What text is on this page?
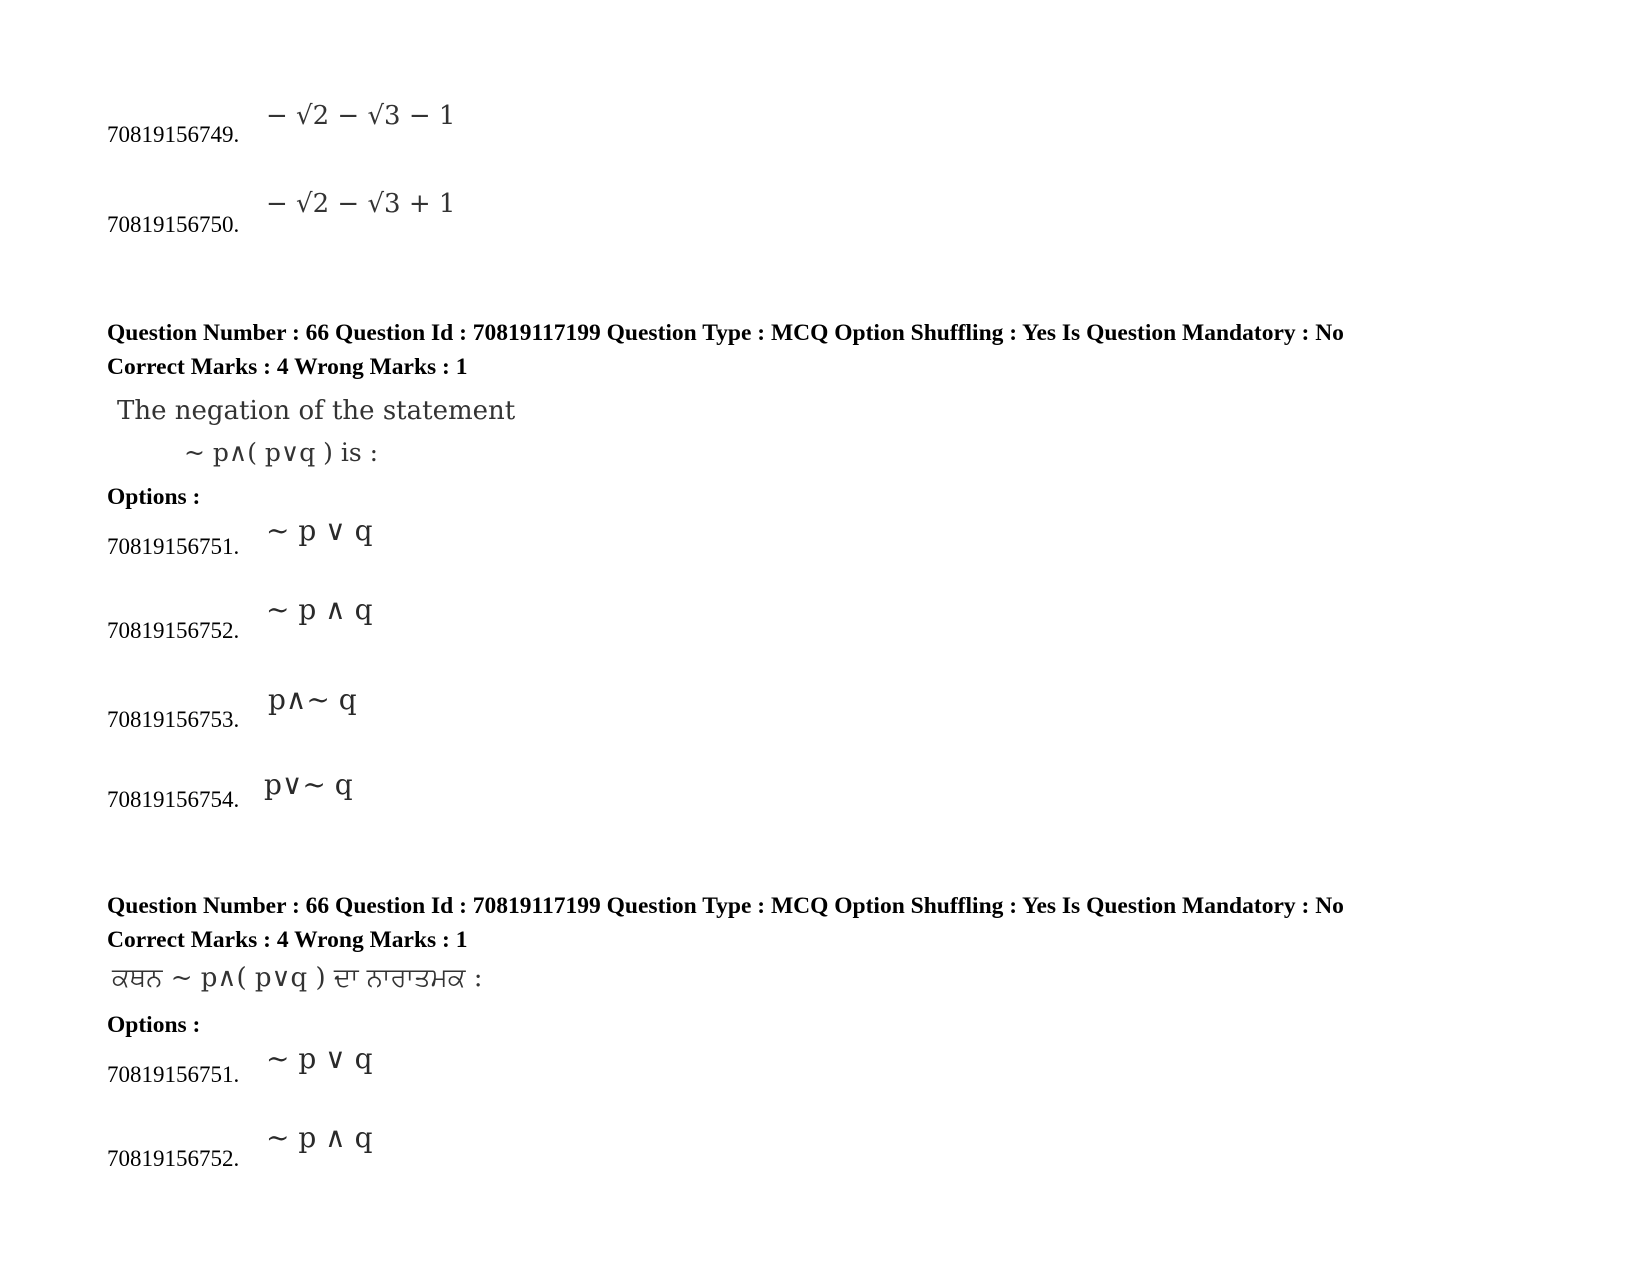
70819156749.
− √2 − √3 − 1
70819156750.
− √2 − √3 + 1
Question Number : 66 Question Id : 70819117199 Question Type : MCQ Option Shuffling : Yes Is Question Mandatory : No
Correct Marks : 4 Wrong Marks : 1
The negation of the statement
~ p∧( p∨q ) is :
Options :
70819156751. ~ p ∨ q
70819156752.
~ p ∧ q
70819156753.
p∧~ q
70819156754. p∨~ q
Question Number : 66 Question Id : 70819117199 Question Type : MCQ Option Shuffling : Yes Is Question Mandatory : No
Correct Marks : 4 Wrong Marks : 1
ਕਥਨ ~ p∧( p∨q ) ਦਾ ਨਾਰਾਤਮਕ :
Options :
70819156751. ~ p ∨ q
70819156752.
~ p ∧ q
